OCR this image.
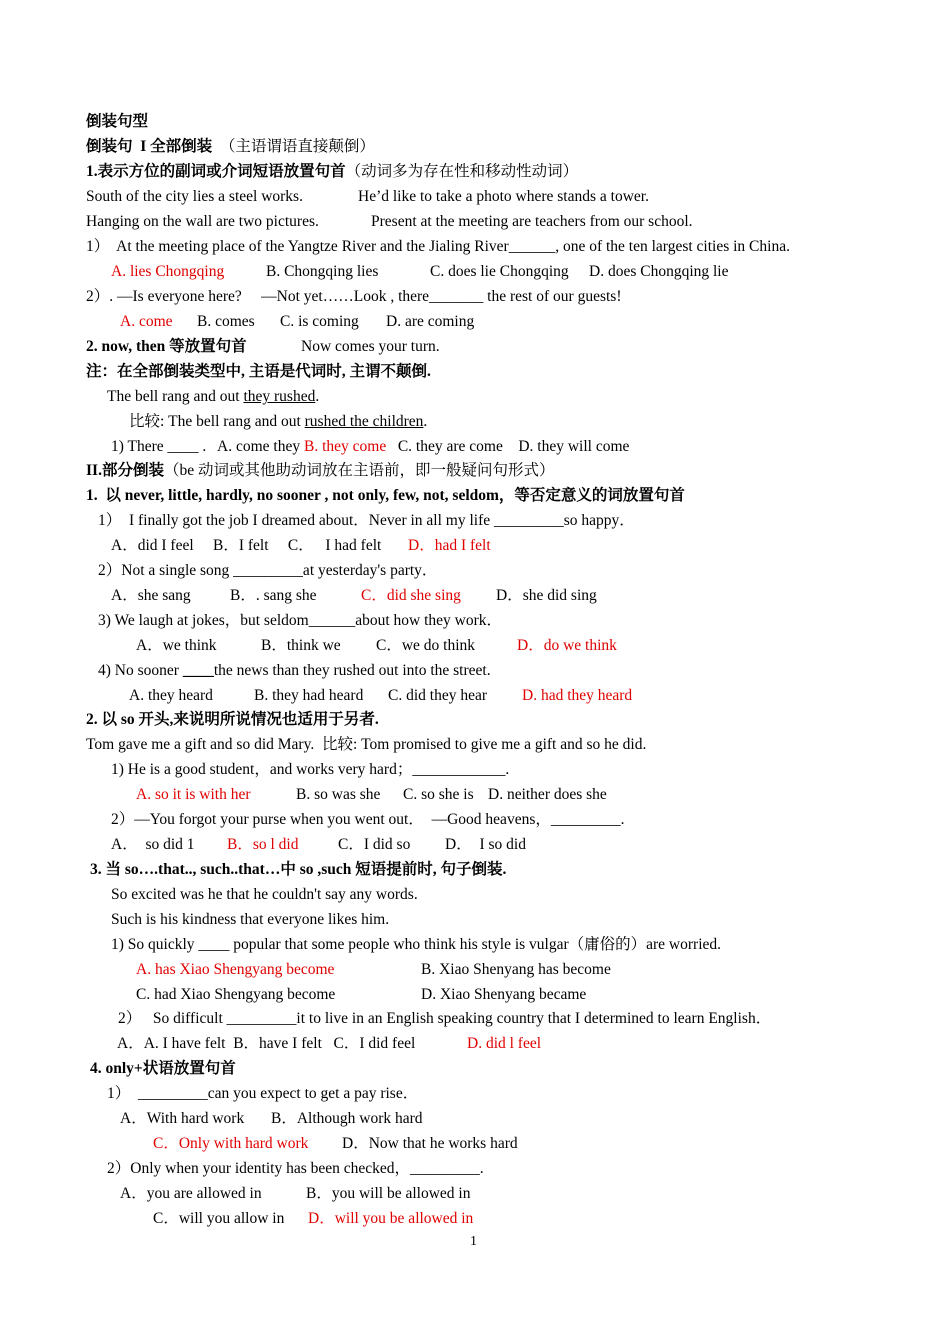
倒装句型
倒装句  I 全部倒装  （主语谓语直接颠倒）
1.表示方位的副词或介词短语放置句首（动词多为存在性和移动性动词）
South of the city lies a steel works.	He’d like to take a photo where stands a tower.
Hanging on the wall are two pictures.	Present at the meeting are teachers from our school.
1）  At the meeting place of the Yangtze River and the Jialing River______, one of the ten largest cities in China.
A. lies Chongqing	B. Chongqing lies	C. does lie Chongqing D. does Chongqing lie
2）. —Is everyone here?     —Not yet……Look , there_______ the rest of our guests!
A. come B. comes C. is coming D. are coming
2. now, then 等放置句首	Now comes your turn.
注：在全部倒装类型中, 主语是代词时, 主谓不颠倒.
The bell rang and out they rushed.
比较: The bell rang and out rushed the children.
1) There ____ .   A. come they B. they come   C. they are come    D. they will come
II.部分倒装（be 动词或其他助动词放在主语前，即一般疑问句形式）
1.  以 never, little, hardly, no sooner , not only, few, not, seldom，等否定意义的词放置句首
1）  I finally got the job I dreamed about．Never in all my life _________so happy．
A．did I feel     B．I felt     C．   I had felt D．had I felt
2）Not a single song _________at yesterday's party．
A．she sang	B．. sang she	C．did she sing D．she did sing
3) We laugh at jokes，but seldom______about how they work．
A．we think	B．think we C．we do think	D．do we think
4) No sooner ____the news than they rushed out into the street.
A. they heard	B. they had heard C. did they hear D. had they heard
2. 以 so 开头,来说明所说情况也适用于另者.
Tom gave me a gift and so did Mary.  比较: Tom promised to give me a gift and so he did.
1) He is a good student，and works very hard；____________.
A. so it is with her	B. so was she C. so she is D. neither does she
2）—You forgot your purse when you went out．  —Good heavens，_________.
A．  so did 1 B．so l did	C．I did so D．  I so did
3. 当 so….that.., such..that…中 so ,such 短语提前时, 句子倒装.
So excited was he that he couldn't say any words.
Such is his kindness that everyone likes him.
1) So quickly ____ popular that some people who think his style is vulgar（庸俗的）are worried.
A. has Xiao Shengyang become	B. Xiao Shenyang has become
C. had Xiao Shengyang become	D. Xiao Shenyang became
2）   So difficult _________it to live in an English speaking country that I determined to learn English．
A．A. I have felt  B．have I felt   C．I did feel	D. did l feel
4. only+状语放置句首
1）  _________can you expect to get a pay rise．
A．With hard work B．Although work hard
C．Only with hard work D．Now that he works hard
2）Only when your identity has been checked，_________.
A．you are allowed in	B．you will be allowed in
C．will you allow in D．will you be allowed in
1
